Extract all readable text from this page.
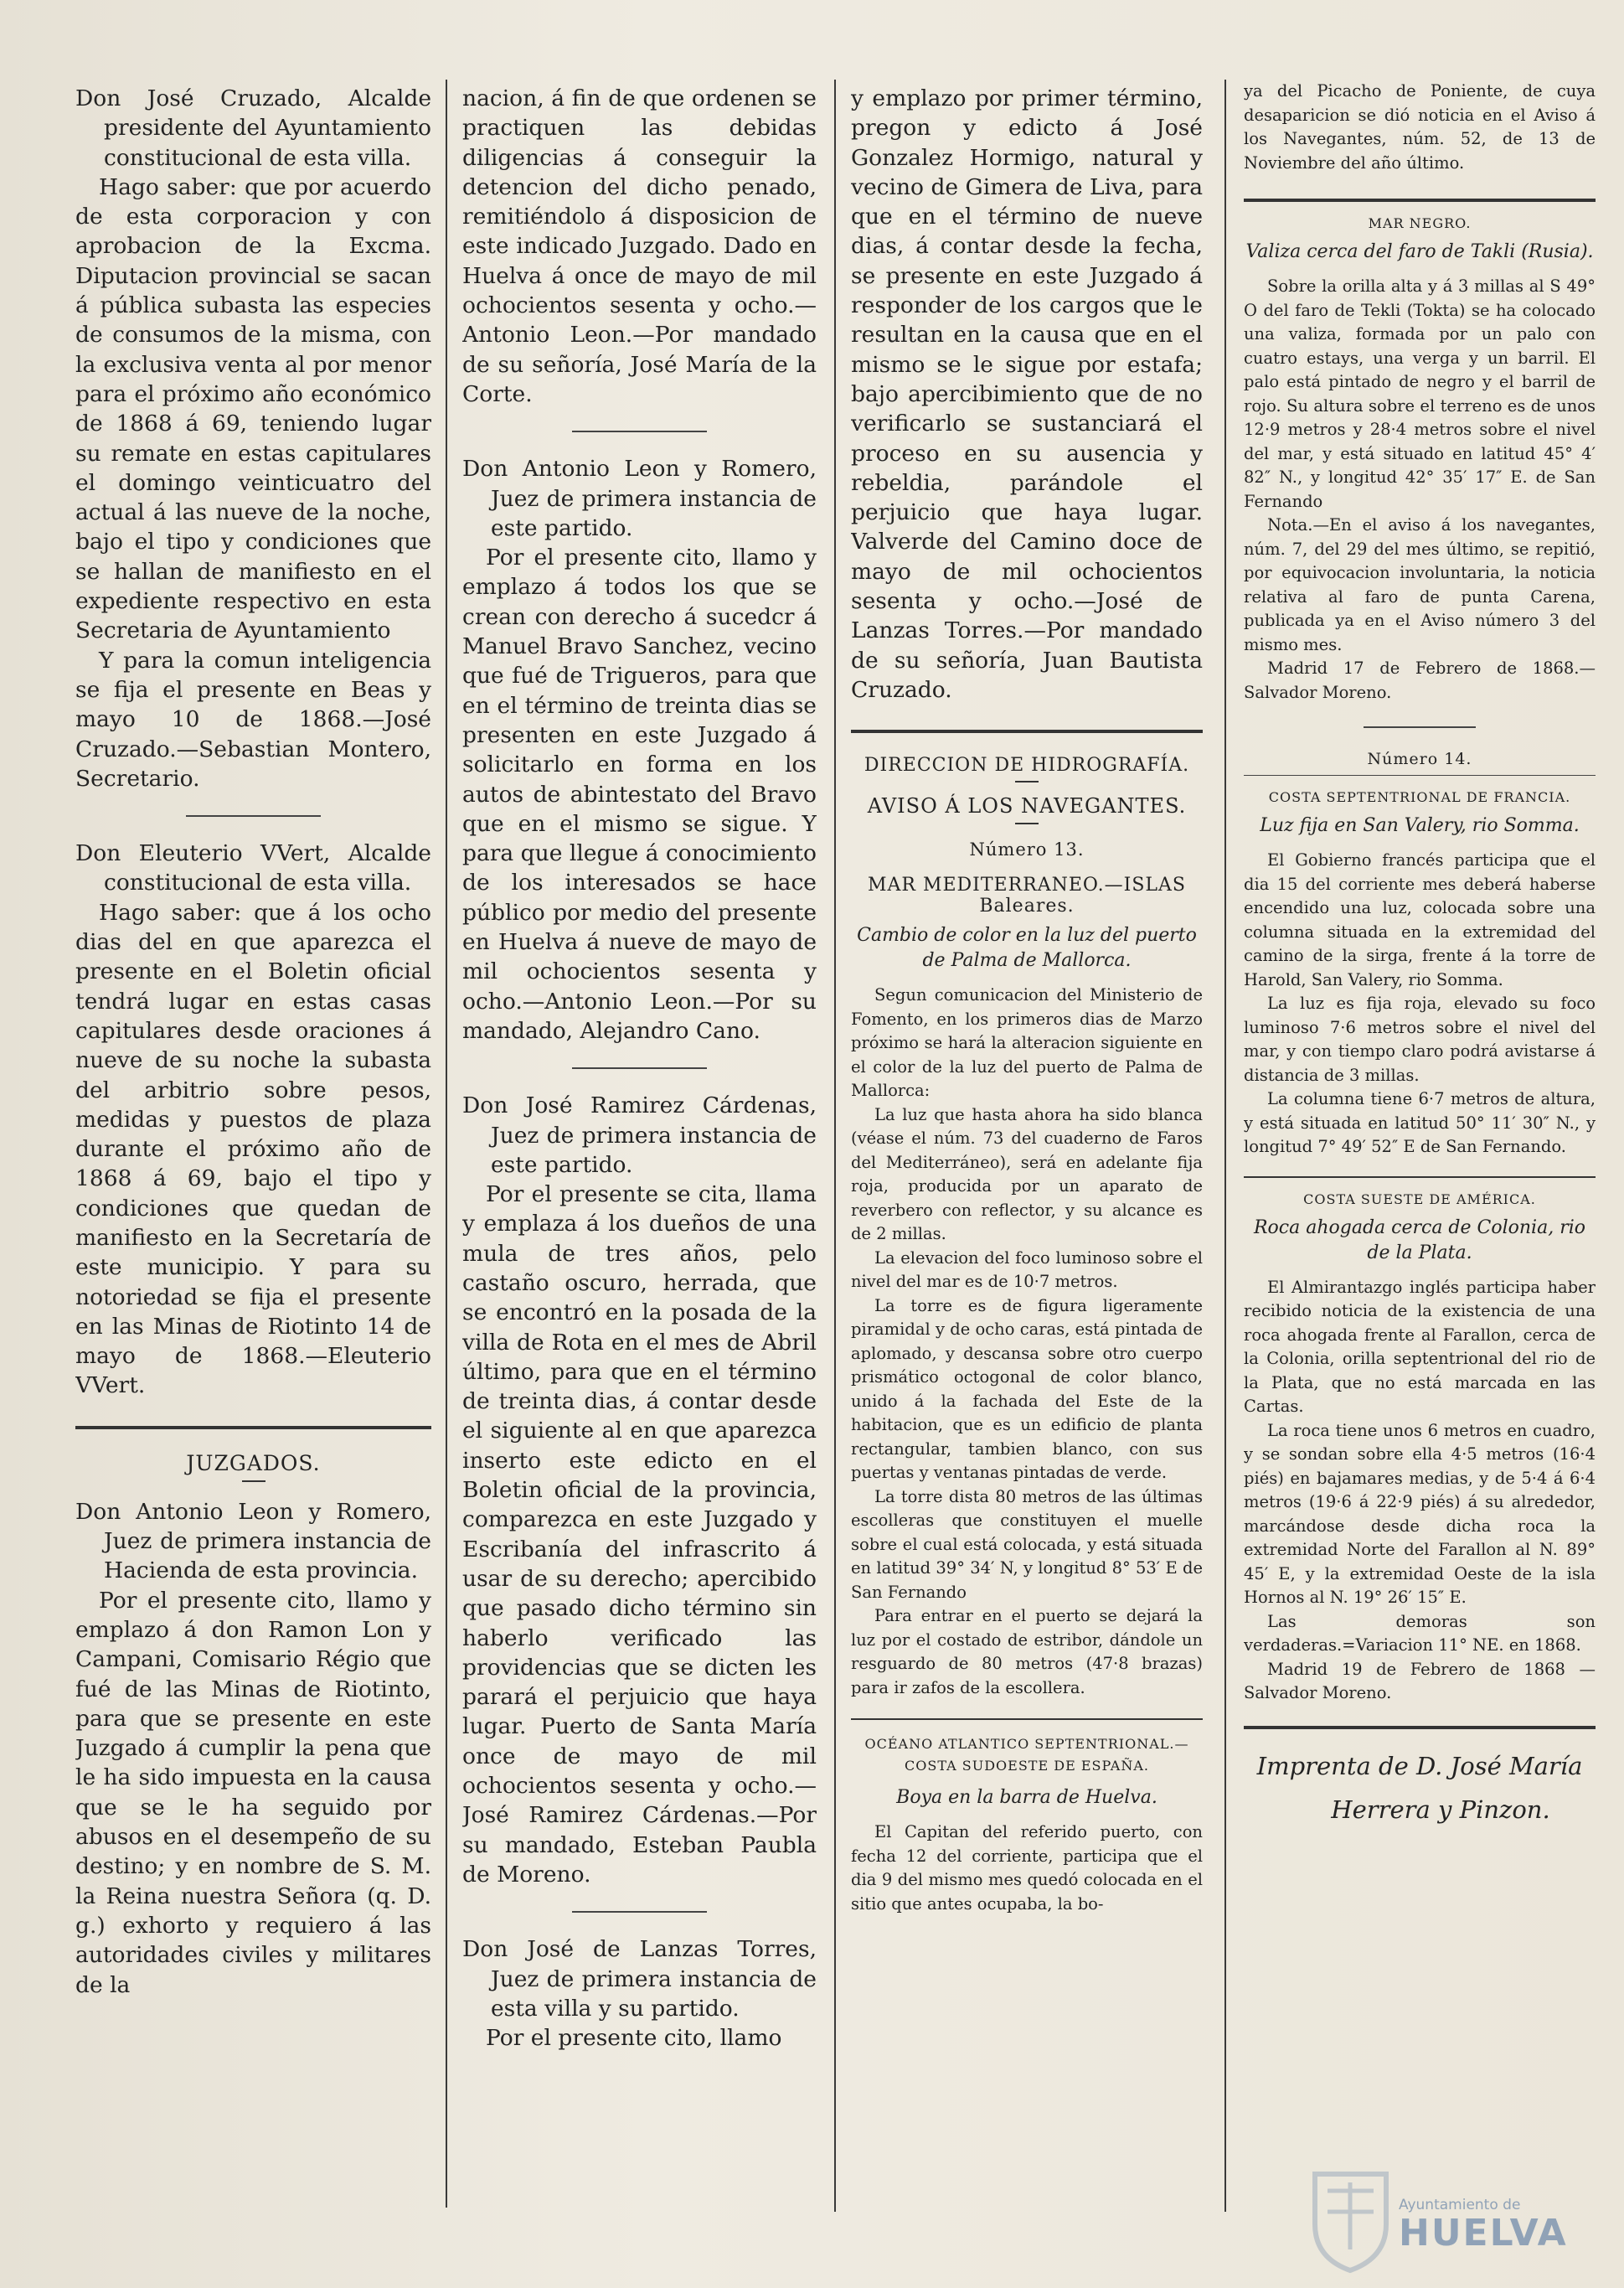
Don José Cruzado, Alcalde presidente del Ayuntamiento constitucional de esta villa.

Hago saber: que por acuerdo de esta corporacion y con aprobacion de la Excma. Diputacion provincial se sacan á pública subasta las especies de consumos de la misma, con la exclusiva venta al por menor para el próximo año económico de 1868 á 69, teniendo lugar su remate en estas capitulares el domingo veinticuatro del actual á las nueve de la noche, bajo el tipo y condiciones que se hallan de manifiesto en el expediente respectivo en esta Secretaria de Ayuntamiento

Y para la comun inteligencia se fija el presente en Beas y mayo 10 de 1868.—José Cruzado.—Sebastian Montero, Secretario.

Don Eleuterio VVert, Alcalde constitucional de esta villa.

Hago saber: que á los ocho dias del en que aparezca el presente en el Boletin oficial tendrá lugar en estas casas capitulares desde oraciones á nueve de su noche la subasta del arbitrio sobre pesos, medidas y puestos de plaza durante el próximo año de 1868 á 69, bajo el tipo y condiciones que quedan de manifiesto en la Secretaría de este municipio. Y para su notoriedad se fija el presente en las Minas de Riotinto 14 de mayo de 1868.—Eleuterio VVert.

JUZGADOS.

Don Antonio Leon y Romero, Juez de primera instancia de Hacienda de esta provincia.

Por el presente cito, llamo y emplazo á don Ramon Lon y Campani, Comisario Régio que fué de las Minas de Riotinto, para que se presente en este Juzgado á cumplir la pena que le ha sido impuesta en la causa que se le ha seguido por abusos en el desempeño de su destino; y en nombre de S. M. la Reina nuestra Señora (q. D. g.) exhorto y requiero á las autoridades civiles y militares de la

nacion, á fin de que ordenen se practiquen las debidas diligencias á conseguir la detencion del dicho penado, remitiéndolo á disposicion de este indicado Juzgado. Dado en Huelva á once de mayo de mil ochocientos sesenta y ocho.—Antonio Leon.—Por mandado de su señoría, José María de la Corte.

Don Antonio Leon y Romero, Juez de primera instancia de este partido.

Por el presente cito, llamo y emplazo á todos los que se crean con derecho á sucedcr á Manuel Bravo Sanchez, vecino que fué de Trigueros, para que en el término de treinta dias se presenten en este Juzgado á solicitarlo en forma en los autos de abintestato del Bravo que en el mismo se sigue. Y para que llegue á conocimiento de los interesados se hace público por medio del presente en Huelva á nueve de mayo de mil ochocientos sesenta y ocho.—Antonio Leon.—Por su mandado, Alejandro Cano.

Don José Ramirez Cárdenas, Juez de primera instancia de este partido.

Por el presente se cita, llama y emplaza á los dueños de una mula de tres años, pelo castaño oscuro, herrada, que se encontró en la posada de la villa de Rota en el mes de Abril último, para que en el término de treinta dias, á contar desde el siguiente al en que aparezca inserto este edicto en el Boletin oficial de la provincia, comparezca en este Juzgado y Escribanía del infrascrito á usar de su derecho; apercibido que pasado dicho término sin haberlo verificado las providencias que se dicten les parará el perjuicio que haya lugar. Puerto de Santa María once de mayo de mil ochocientos sesenta y ocho.—José Ramirez Cárdenas.—Por su mandado, Esteban Paubla de Moreno.

Don José de Lanzas Torres, Juez de primera instancia de esta villa y su partido.

Por el presente cito, llamo

y emplazo por primer término, pregon y edicto á José Gonzalez Hormigo, natural y vecino de Gimera de Liva, para que en el término de nueve dias, á contar desde la fecha, se presente en este Juzgado á responder de los cargos que le resultan en la causa que en el mismo se le sigue por estafa; bajo apercibimiento que de no verificarlo se sustanciará el proceso en su ausencia y rebeldia, parándole el perjuicio que haya lugar. Valverde del Camino doce de mayo de mil ochocientos sesenta y ocho.—José de Lanzas Torres.—Por mandado de su señoría, Juan Bautista Cruzado.

DIRECCION DE HIDROGRAFÍA.
AVISO Á LOS NAVEGANTES.
Número 13.
MAR MEDITERRANEO.—ISLAS Baleares.
Cambio de color en la luz del puerto de Palma de Mallorca.

Segun comunicacion del Ministerio de Fomento, en los primeros dias de Marzo próximo se hará la alteracion siguiente en el color de la luz del puerto de Palma de Mallorca:

La luz que hasta ahora ha sido blanca (véase el núm. 73 del cuaderno de Faros del Mediterráneo), será en adelante fija roja, producida por un aparato de reverbero con reflector, y su alcance es de 2 millas.

La elevacion del foco luminoso sobre el nivel del mar es de 10·7 metros.

La torre es de figura ligeramente piramidal y de ocho caras, está pintada de aplomado, y descansa sobre otro cuerpo prismático octogonal de color blanco, unido á la fachada del Este de la habitacion, que es un edificio de planta rectangular, tambien blanco, con sus puertas y ventanas pintadas de verde.

La torre dista 80 metros de las últimas escolleras que constituyen el muelle sobre el cual está colocada, y está situada en latitud 39° 34′ N, y longitud 8° 53′ E de San Fernando

Para entrar en el puerto se dejará la luz por el costado de estribor, dándole un resguardo de 80 metros (47·8 brazas) para ir zafos de la escollera.

OCÉANO ATLANTICO SEPTENTRIONAL.— COSTA SUDOESTE DE ESPAÑA.
Boya en la barra de Huelva.

El Capitan del referido puerto, con fecha 12 del corriente, participa que el dia 9 del mismo mes quedó colocada en el sitio que antes ocupaba, la bo-

ya del Picacho de Poniente, de cuya desaparicion se dió noticia en el Aviso á los Navegantes, núm. 52, de 13 de Noviembre del año último.

MAR NEGRO.
Valiza cerca del faro de Takli (Rusia).

Sobre la orilla alta y á 3 millas al S 49° O del faro de Tekli (Tokta) se ha colocado una valiza, formada por un palo con cuatro estays, una verga y un barril. El palo está pintado de negro y el barril de rojo. Su altura sobre el terreno es de unos 12·9 metros y 28·4 metros sobre el nivel del mar, y está situado en latitud 45° 4′ 82″ N., y longitud 42° 35′ 17″ E. de San Fernando

Nota.—En el aviso á los navegantes, núm. 7, del 29 del mes último, se repitió, por equivocacion involuntaria, la noticia relativa al faro de punta Carena, publicada ya en el Aviso número 3 del mismo mes.

Madrid 17 de Febrero de 1868.—Salvador Moreno.

Número 14.
COSTA SEPTENTRIONAL DE FRANCIA.
Luz fija en San Valery, rio Somma.

El Gobierno francés participa que el dia 15 del corriente mes deberá haberse encendido una luz, colocada sobre una columna situada en la extremidad del camino de la sirga, frente á la torre de Harold, San Valery, rio Somma.

La luz es fija roja, elevado su foco luminoso 7·6 metros sobre el nivel del mar, y con tiempo claro podrá avistarse á distancia de 3 millas.

La columna tiene 6·7 metros de altura, y está situada en latitud 50° 11′ 30″ N., y longitud 7° 49′ 52″ E de San Fernando.

COSTA SUESTE DE AMÉRICA.
Roca ahogada cerca de Colonia, rio de la Plata.

El Almirantazgo inglés participa haber recibido noticia de la existencia de una roca ahogada frente al Farallon, cerca de la Colonia, orilla septentrional del rio de la Plata, que no está marcada en las Cartas.

La roca tiene unos 6 metros en cuadro, y se sondan sobre ella 4·5 metros (16·4 piés) en bajamares medias, y de 5·4 á 6·4 metros (19·6 á 22·9 piés) á su alrededor, marcándose desde dicha roca la extremidad Norte del Farallon al N. 89° 45′ E, y la extremidad Oeste de la isla Hornos al N. 19° 26′ 15″ E.

Las demoras son verdaderas.=Variacion 11° NE. en 1868.

Madrid 19 de Febrero de 1868 — Salvador Moreno.

Imprenta de D. José María
Herrera y Pinzon.
Ayuntamiento de
HUELVA
